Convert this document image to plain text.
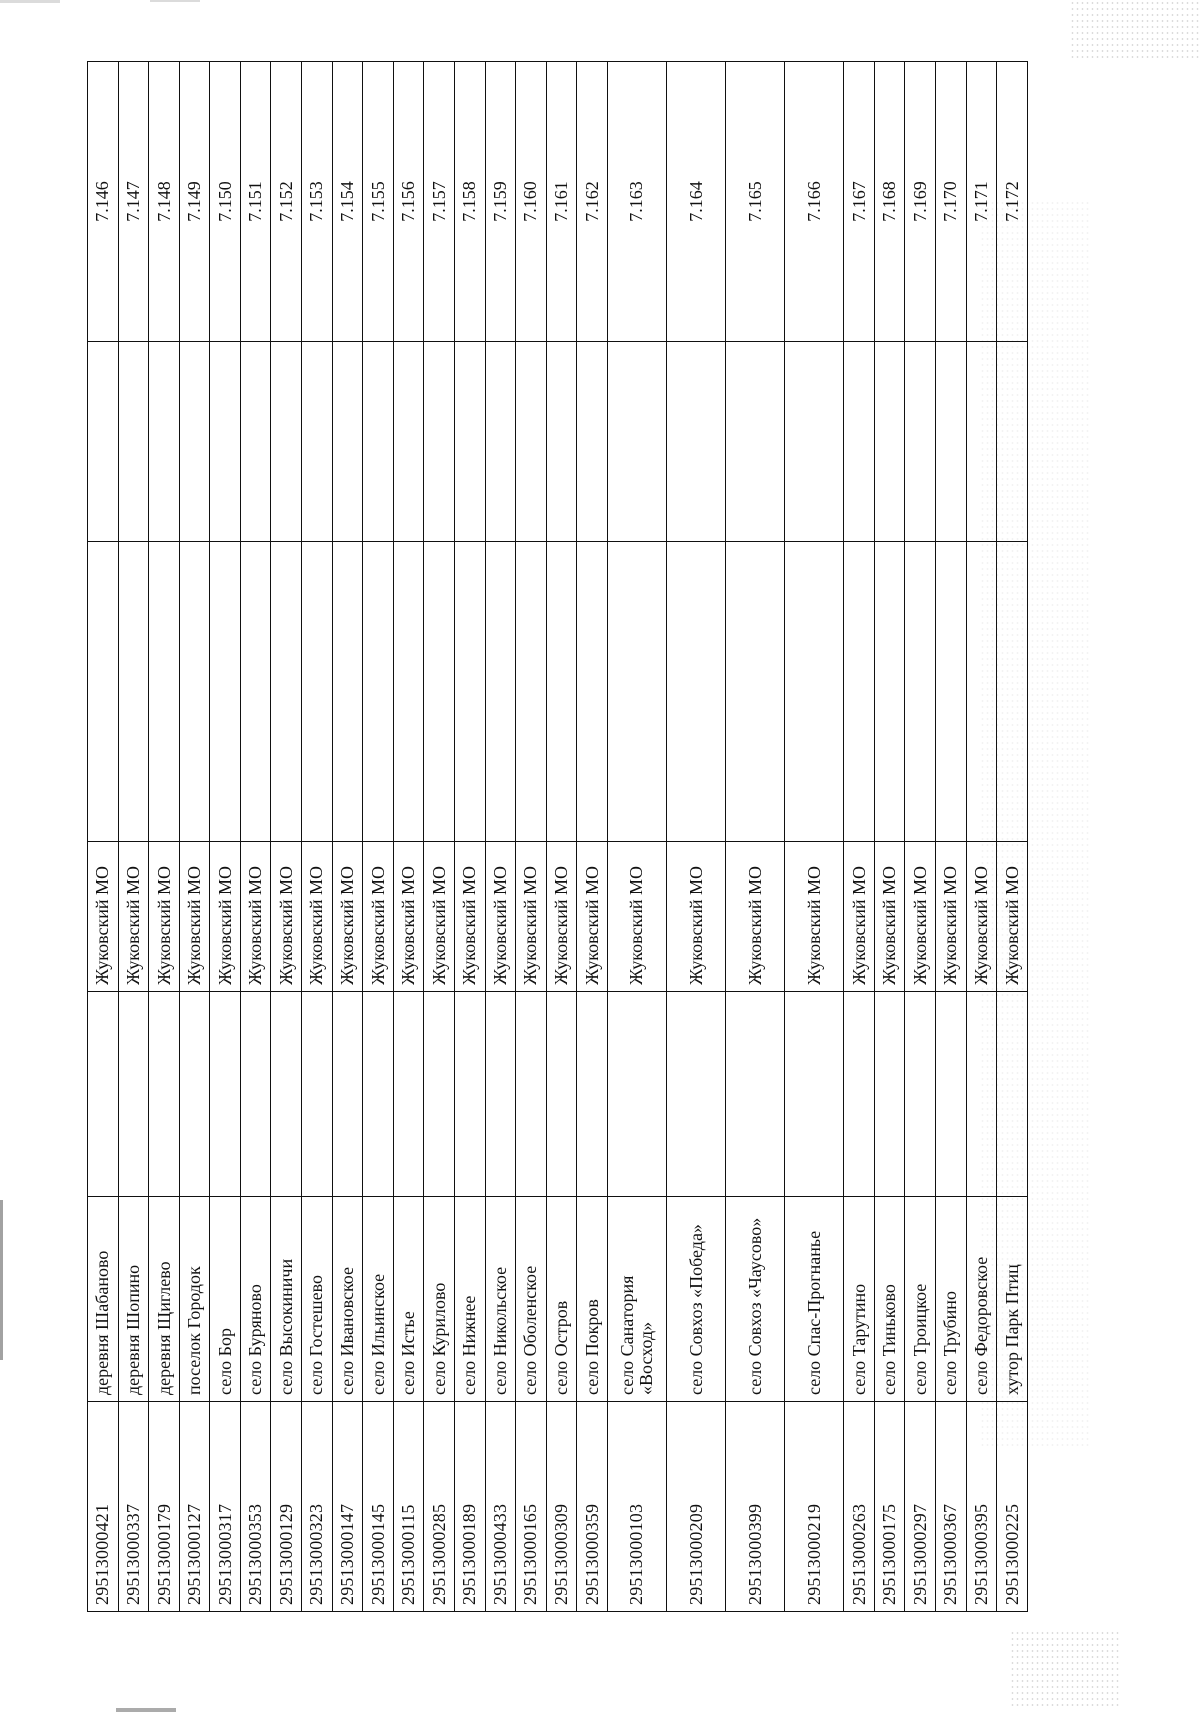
29513000421	деревня Шабаново		Жуковский МО			7.146
29513000337	деревня Шопино		Жуковский МО			7.147
29513000179	деревня Щиглево		Жуковский МО			7.148
29513000127	поселок Городок		Жуковский МО			7.149
29513000317	село Бор		Жуковский МО			7.150
29513000353	село Буряново		Жуковский МО			7.151
29513000129	село Высокиничи		Жуковский МО			7.152
29513000323	село Гостешево		Жуковский МО			7.153
29513000147	село Ивановское		Жуковский МО			7.154
29513000145	село Ильинское		Жуковский МО			7.155
29513000115	село Истье		Жуковский МО			7.156
29513000285	село Курилово		Жуковский МО			7.157
29513000189	село Нижнее		Жуковский МО			7.158
29513000433	село Никольское		Жуковский МО			7.159
29513000165	село Оболенское		Жуковский МО			7.160
29513000309	село Остров		Жуковский МО			7.161
29513000359	село Покров		Жуковский МО			7.162
29513000103	село Санатория «Восход»		Жуковский МО			7.163
29513000209	село Совхоз «Победа»		Жуковский МО			7.164
29513000399	село Совхоз «Чаусово»		Жуковский МО			7.165
29513000219	село Спас-Прогнанье		Жуковский МО			7.166
29513000263	село Тарутино		Жуковский МО			7.167
29513000175	село Тиньково		Жуковский МО			7.168
29513000297	село Троицкое		Жуковский МО			7.169
29513000367	село Трубино		Жуковский МО			7.170
29513000395	село Федоровское		Жуковский МО			7.171
29513000225	хутор Парк Птиц		Жуковский МО			7.172
